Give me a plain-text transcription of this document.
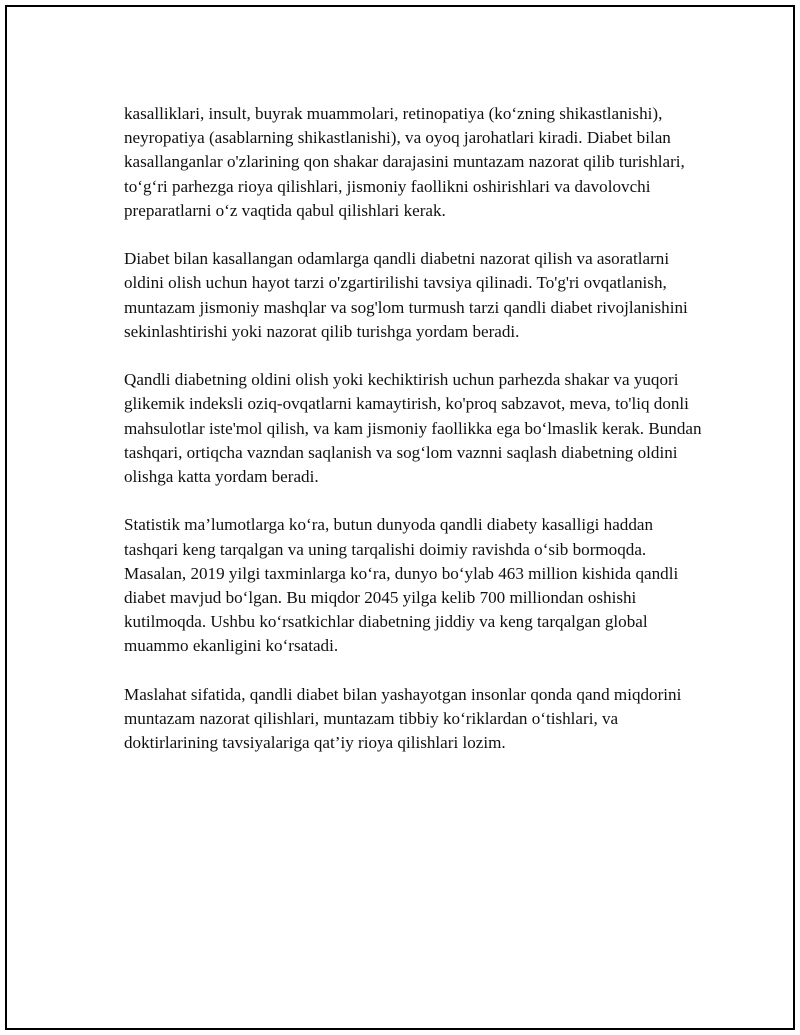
kasalliklari, insult, buyrak muammolari, retinopatiya (ko‘zning shikastlanishi), neyropatiya (asablarning shikastlanishi), va oyoq jarohatlari kiradi. Diabet bilan kasallanganlar o'zlarining qon shakar darajasini muntazam nazorat qilib turishlari, to‘g‘ri parhezga rioya qilishlari, jismoniy faollikni oshirishlari va davolovchi preparatlarni o‘z vaqtida qabul qilishlari kerak.

Diabet bilan kasallangan odamlarga qandli diabetni nazorat qilish va asoratlarni oldini olish uchun hayot tarzi o'zgartirilishi tavsiya qilinadi. To'g'ri ovqatlanish, muntazam jismoniy mashqlar va sog'lom turmush tarzi qandli diabet rivojlanishini sekinlashtirishi yoki nazorat qilib turishga yordam beradi.

Qandli diabetning oldini olish yoki kechiktirish uchun parhezda shakar va yuqori glikemik indeksli oziq-ovqatlarni kamaytirish, ko'proq sabzavot, meva, to'liq donli mahsulotlar iste'mol qilish, va kam jismoniy faollikka ega bo‘lmaslik kerak. Bundan tashqari, ortiqcha vazndan saqlanish va sog‘lom vaznni saqlash diabetning oldini olishga katta yordam beradi.

Statistik ma’lumotlarga ko‘ra, butun dunyoda qandli diabety kasalligi haddan tashqari keng tarqalgan va uning tarqalishi doimiy ravishda o‘sib bormoqda. Masalan, 2019 yilgi taxminlarga ko‘ra, dunyo bo‘ylab 463 million kishida qandli diabet mavjud bo‘lgan. Bu miqdor 2045 yilga kelib 700 milliondan oshishi kutilmoqda. Ushbu ko‘rsatkichlar diabetning jiddiy va keng tarqalgan global muammo ekanligini ko‘rsatadi.

Maslahat sifatida, qandli diabet bilan yashayotgan insonlar qonda qand miqdorini muntazam nazorat qilishlari, muntazam tibbiy ko‘riklardan o‘tishlari, va doktirlarining tavsiyalariga qat’iy rioya qilishlari lozim.
